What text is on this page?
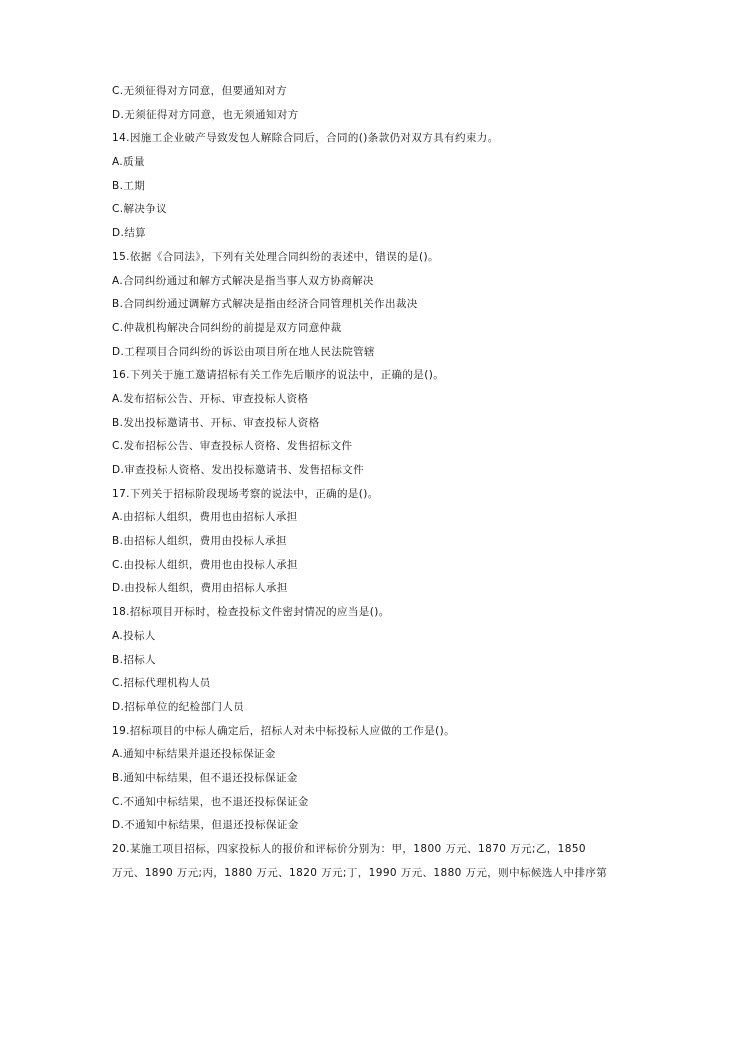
C.无须征得对方同意，但要通知对方

D.无须征得对方同意，也无须通知对方

14.因施工企业破产导致发包人解除合同后，合同的()条款仍对双方具有约束力。

A.质量

B.工期

C.解决争议

D.结算

15.依据《合同法》，下列有关处理合同纠纷的表述中，错误的是()。

A.合同纠纷通过和解方式解决是指当事人双方协商解决

B.合同纠纷通过调解方式解决是指由经济合同管理机关作出裁决

C.仲裁机构解决合同纠纷的前提是双方同意仲裁

D.工程项目合同纠纷的诉讼由项目所在地人民法院管辖

16.下列关于施工邀请招标有关工作先后顺序的说法中，正确的是()。

A.发布招标公告、开标、审查投标人资格

B.发出投标邀请书、开标、审查投标人资格

C.发布招标公告、审查投标人资格、发售招标文件

D.审查投标人资格、发出投标邀请书、发售招标文件

17.下列关于招标阶段现场考察的说法中，正确的是()。

A.由招标人组织，费用也由招标人承担

B.由招标人组织，费用由投标人承担

C.由投标人组织，费用也由投标人承担

D.由投标人组织，费用由招标人承担

18.招标项目开标时，检查投标文件密封情况的应当是()。

A.投标人

B.招标人

C.招标代理机构人员

D.招标单位的纪检部门人员

19.招标项目的中标人确定后，招标人对未中标投标人应做的工作是()。

A.通知中标结果并退还投标保证金

B.通知中标结果，但不退还投标保证金

C.不通知中标结果，也不退还投标保证金

D.不通知中标结果，但退还投标保证金

20.某施工项目招标，四家投标人的报价和评标价分别为：甲，1800 万元、1870 万元;乙，1850

万元、1890 万元;丙，1880 万元、1820 万元;丁，1990 万元、1880 万元，则中标候选人中排序第
